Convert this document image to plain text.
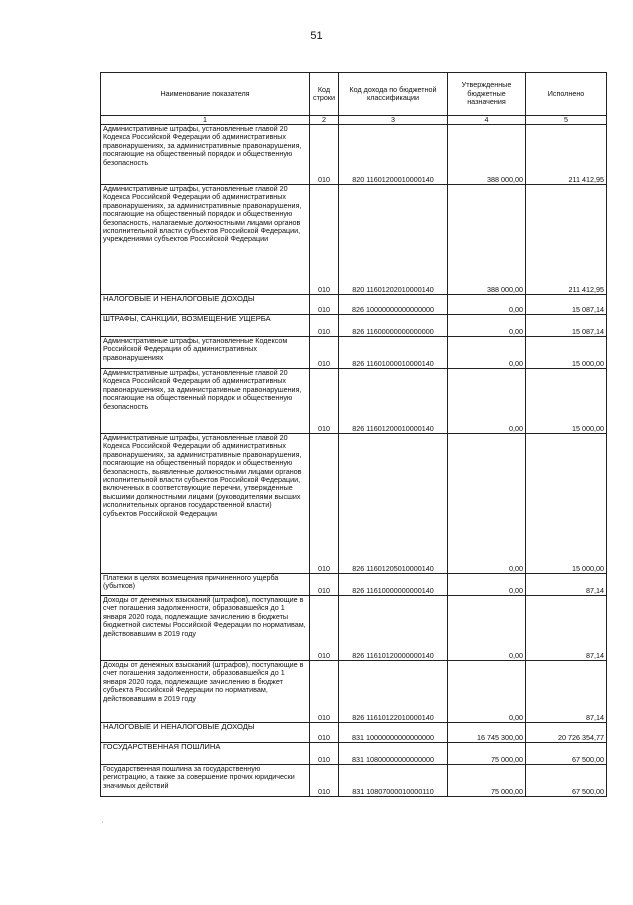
51
Наименование показателя	Код строки	Код дохода по бюджетной классификации	Утвержденные бюджетные назначения	Исполнено
1	2	3	4	5
Административные штрафы, установленные главой 20 Кодекса Российской Федерации об административных правонарушениях, за административные правонарушения, посягающие на общественный порядок и общественную безопасность	010	820 11601200010000140	388 000,00	211 412,95
Административные штрафы, установленные главой 20 Кодекса Российской Федерации об административных правонарушениях, за административные правонарушения, посягающие на общественный порядок и общественную безопасность, налагаемые должностными лицами органов исполнительной власти субъектов Российской Федерации, учреждениями субъектов Российской Федерации	010	820 11601202010000140	388 000,00	211 412,95
НАЛОГОВЫЕ И НЕНАЛОГОВЫЕ ДОХОДЫ	010	826 10000000000000000	0,00	15 087,14
ШТРАФЫ, САНКЦИИ, ВОЗМЕЩЕНИЕ УЩЕРБА	010	826 11600000000000000	0,00	15 087,14
Административные штрафы, установленные Кодексом Российской Федерации об административных правонарушениях	010	826 11601000010000140	0,00	15 000,00
Административные штрафы, установленные главой 20 Кодекса Российской Федерации об административных правонарушениях, за административные правонарушения, посягающие на общественный порядок и общественную безопасность	010	826 11601200010000140	0,00	15 000,00
Административные штрафы, установленные главой 20 Кодекса Российской Федерации об административных правонарушениях, за административные правонарушения, посягающие на общественный порядок и общественную безопасность, выявленные должностными лицами органов исполнительной власти субъектов Российской Федерации, включенных в соответствующие перечни, утвержденные высшими должностными лицами (руководителями высших исполнительных органов государственной власти) субъектов Российской Федерации	010	826 11601205010000140	0,00	15 000,00
Платежи в целях возмещения причиненного ущерба (убытков)	010	826 11610000000000140	0,00	87,14
Доходы от денежных взысканий (штрафов), поступающие в счет погашения задолженности, образовавшейся до 1 января 2020 года, подлежащие зачислению в бюджеты бюджетной системы Российской Федерации по нормативам, действовавшим в 2019 году	010	826 11610120000000140	0,00	87,14
Доходы от денежных взысканий (штрафов), поступающие в счет погашения задолженности, образовавшейся до 1 января 2020 года, подлежащие зачислению в бюджет субъекта Российской Федерации по нормативам, действовавшим в 2019 году	010	826 11610122010000140	0,00	87,14
НАЛОГОВЫЕ И НЕНАЛОГОВЫЕ ДОХОДЫ	010	831 10000000000000000	16 745 300,00	20 726 354,77
ГОСУДАРСТВЕННАЯ ПОШЛИНА	010	831 10800000000000000	75 000,00	67 500,00
Государственная пошлина за государственную регистрацию, а также за совершение прочих юридически значимых действий	010	831 10807000010000110	75 000,00	67 500,00
'
